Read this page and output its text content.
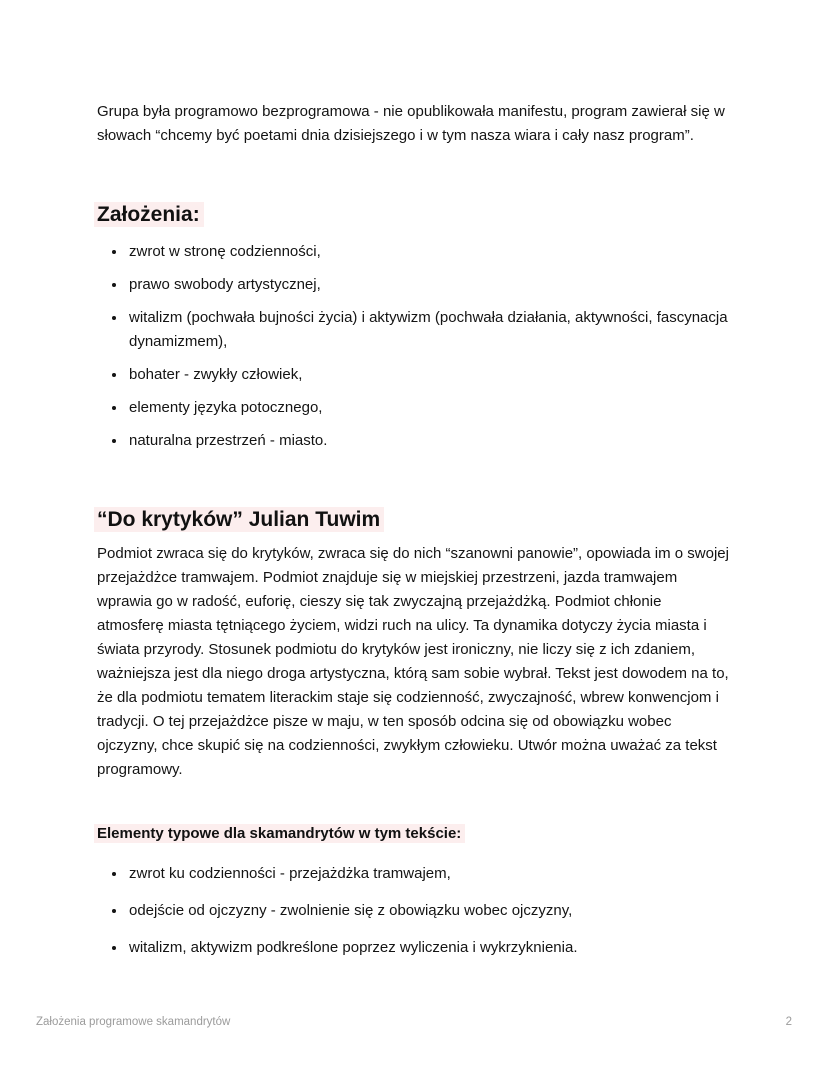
Grupa była programowo bezprogramowa - nie opublikowała manifestu, program zawierał się w słowach “chcemy być poetami dnia dzisiejszego i w tym nasza wiara i cały nasz program”.

Założenia:
• zwrot w stronę codzienności,
• prawo swobody artystycznej,
• witalizm (pochwała bujności życia) i aktywizm (pochwała działania, aktywności, fascynacja dynamizmem),
• bohater - zwykły człowiek,
• elementy języka potocznego,
• naturalna przestrzeń - miasto.
“Do krytyków” Julian Tuwim

Podmiot zwraca się do krytyków, zwraca się do nich “szanowni panowie”, opowiada im o swojej przejażdżce tramwajem. Podmiot znajduje się w miejskiej przestrzeni, jazda tramwajem wprawia go w radość, euforię, cieszy się tak zwyczajną przejażdżką. Podmiot chłonie atmosferę miasta tętniącego życiem, widzi ruch na ulicy. Ta dynamika dotyczy życia miasta i świata przyrody. Stosunek podmiotu do krytyków jest ironiczny, nie liczy się z ich zdaniem, ważniejsza jest dla niego droga artystyczna, którą sam sobie wybrał. Tekst jest dowodem na to, że dla podmiotu tematem literackim staje się codzienność, zwyczajność, wbrew konwencjom i tradycji. O tej przejażdżce pisze w maju, w ten sposób odcina się od obowiązku wobec ojczyzny, chce skupić się na codzienności, zwykłym człowieku. Utwór można uważać za tekst programowy.

Elementy typowe dla skamandrytów w tym tekście:
• zwrot ku codzienności - przejażdżka tramwajem,
• odejście od ojczyzny - zwolnienie się z obowiązku wobec ojczyzny,
• witalizm, aktywizm podkreślone poprzez wyliczenia i wykrzyknienia.
Założenia programowe skamandrytów	2
